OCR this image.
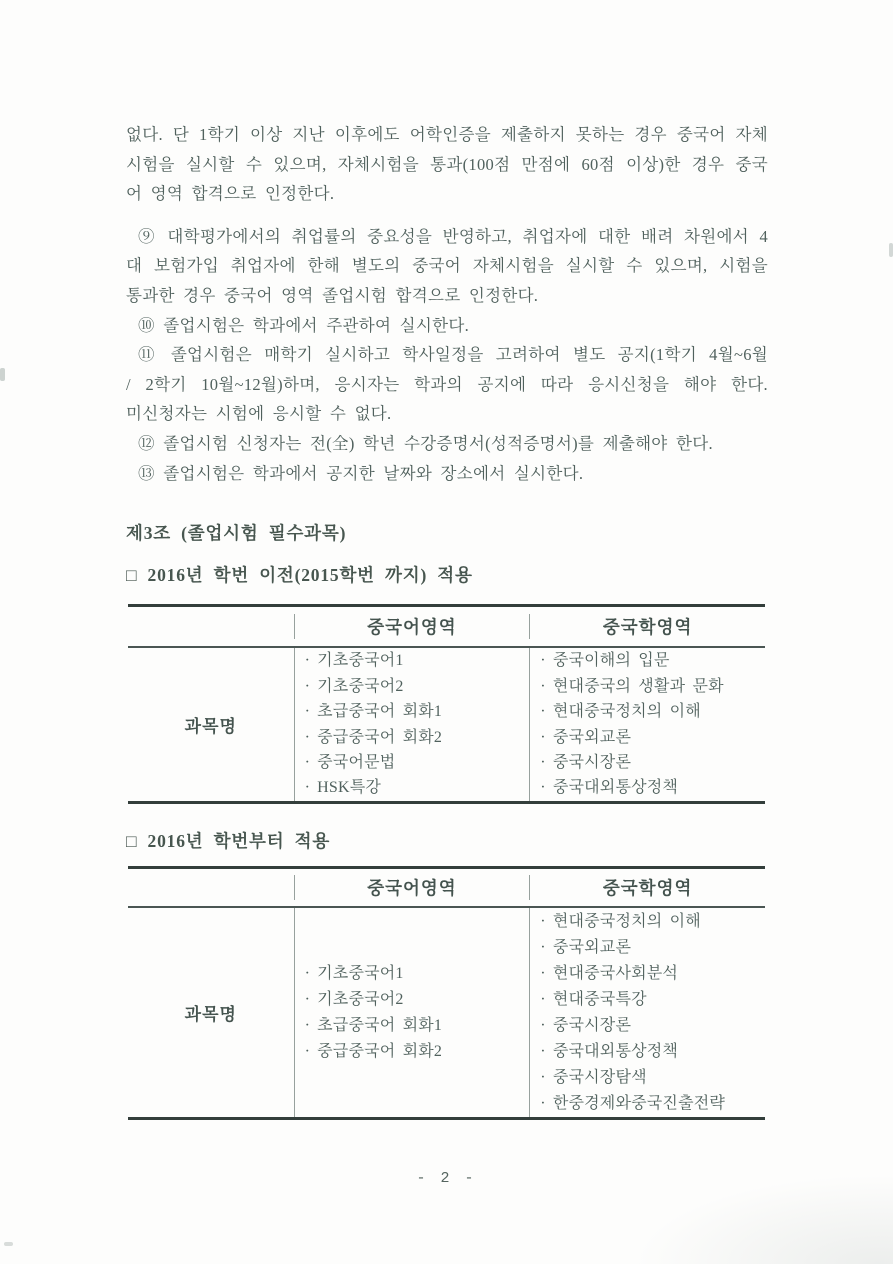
없다. 단 1학기 이상 지난 이후에도 어학인증을 제출하지 못하는 경우 중국어 자체
시험을 실시할 수 있으며, 자체시험을 통과(100점 만점에 60점 이상)한 경우 중국
어 영역 합격으로 인정한다.
⑨ 대학평가에서의 취업률의 중요성을 반영하고, 취업자에 대한 배려 차원에서 4
대 보험가입 취업자에 한해 별도의 중국어 자체시험을 실시할 수 있으며, 시험을
통과한 경우 중국어 영역 졸업시험 합격으로 인정한다.
⑩ 졸업시험은 학과에서 주관하여 실시한다.
⑪ 졸업시험은 매학기 실시하고 학사일정을 고려하여 별도 공지(1학기 4월~6월
/ 2학기 10월~12월)하며, 응시자는 학과의 공지에 따라 응시신청을 해야 한다.
미신청자는 시험에 응시할 수 없다.
⑫ 졸업시험 신청자는 전(全) 학년 수강증명서(성적증명서)를 제출해야 한다.
⑬ 졸업시험은 학과에서 공지한 날짜와 장소에서 실시한다.
제3조 (졸업시험 필수과목)
□ 2016년 학번 이전(2015학번 까지) 적용
중국어영역	중국학영역
과목명
· 기초중국어1
· 기초중국어2
· 초급중국어 회화1
· 중급중국어 회화2
· 중국어문법
· HSK특강
· 중국이해의 입문
· 현대중국의 생활과 문화
· 현대중국정치의 이해
· 중국외교론
· 중국시장론
· 중국대외통상정책
□ 2016년 학번부터 적용
중국어영역	중국학영역
과목명
· 기초중국어1
· 기초중국어2
· 초급중국어 회화1
· 중급중국어 회화2
· 현대중국정치의 이해
· 중국외교론
· 현대중국사회분석
· 현대중국특강
· 중국시장론
· 중국대외통상정책
· 중국시장탐색
· 한중경제와중국진출전략
- 2 -
